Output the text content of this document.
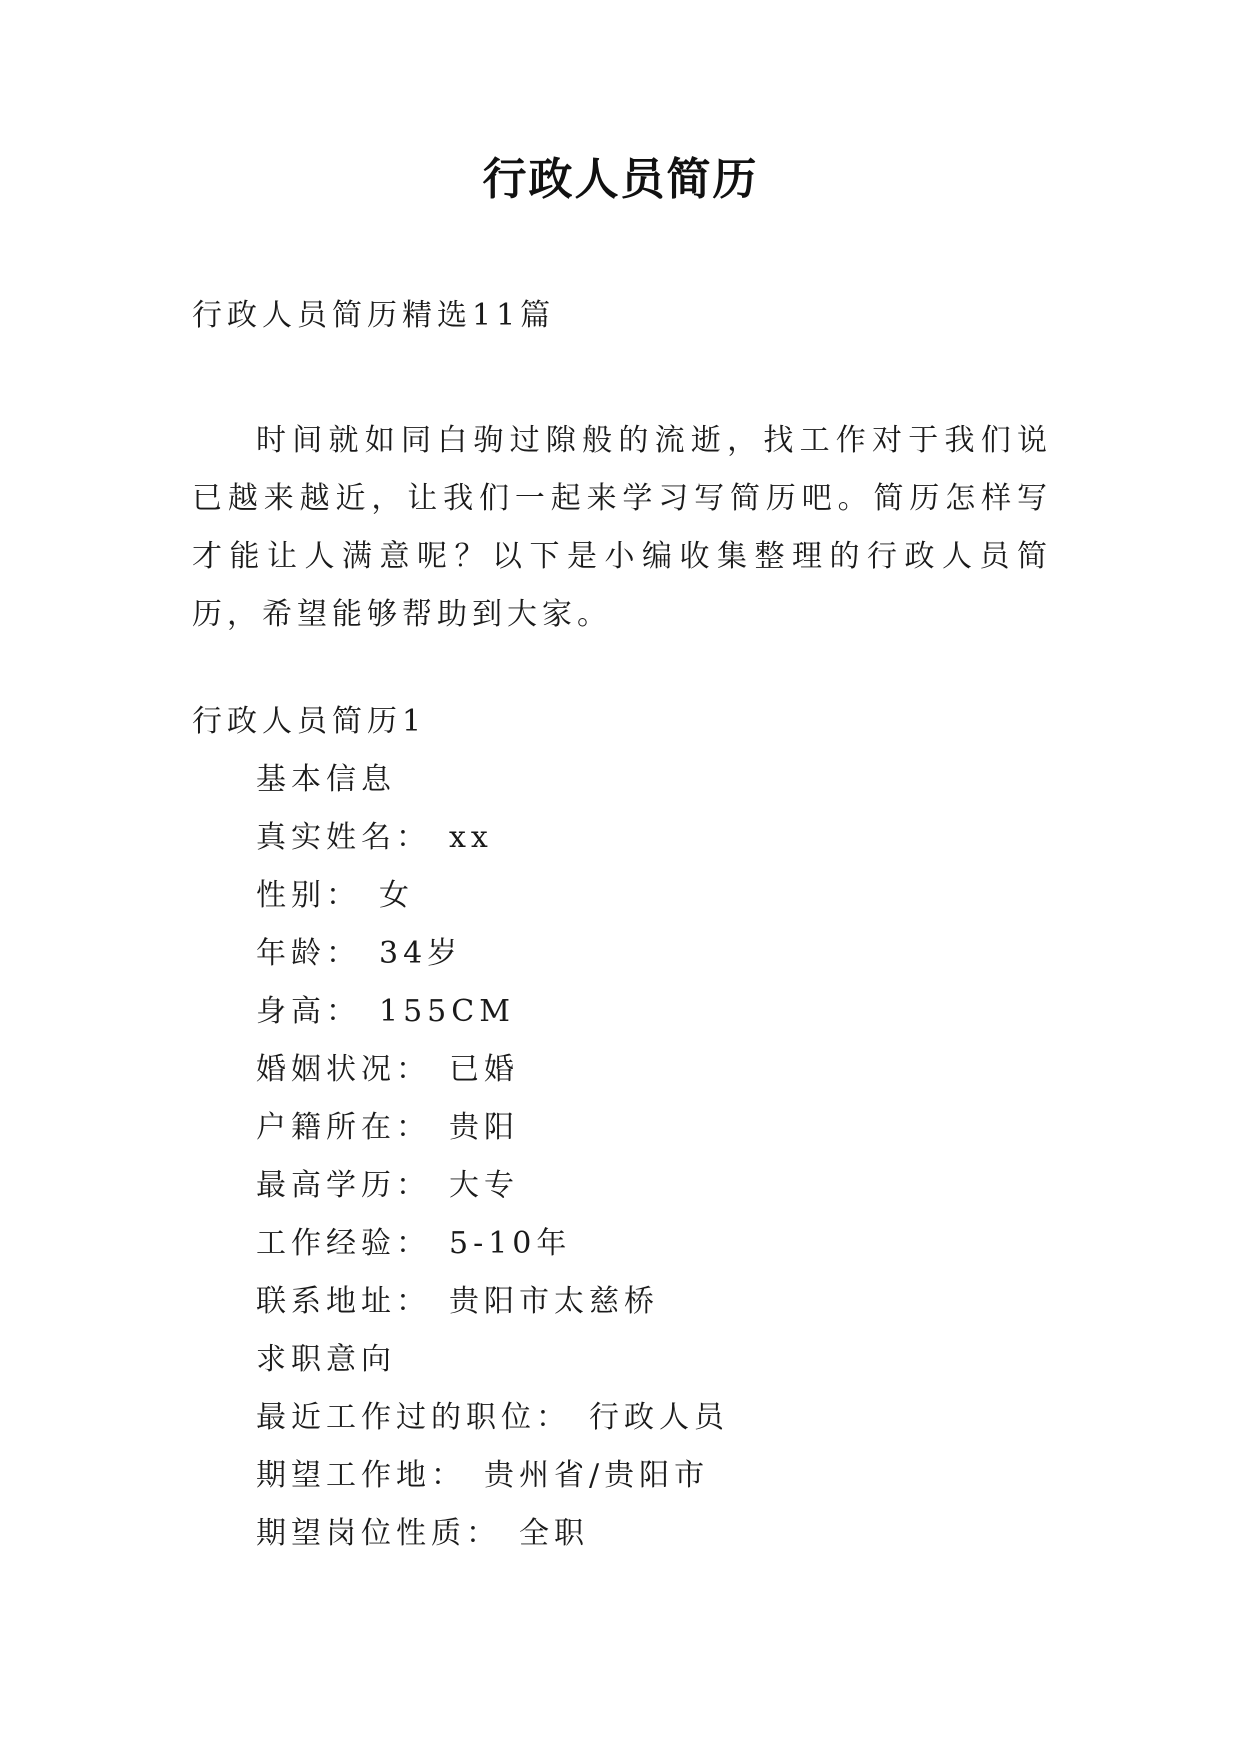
行政人员简历
行政人员简历精选11篇
时间就如同白驹过隙般的流逝，找工作对于我们说已越来越近，让我们一起来学习写简历吧。简历怎样写才能让人满意呢？以下是小编收集整理的行政人员简历，希望能够帮助到大家。
行政人员简历1
基本信息
真实姓名： xx
性别： 女
年龄： 34岁
身高： 155CM
婚姻状况： 已婚
户籍所在： 贵阳
最高学历： 大专
工作经验： 5-10年
联系地址： 贵阳市太慈桥
求职意向
最近工作过的职位： 行政人员
期望工作地： 贵州省/贵阳市
期望岗位性质： 全职
